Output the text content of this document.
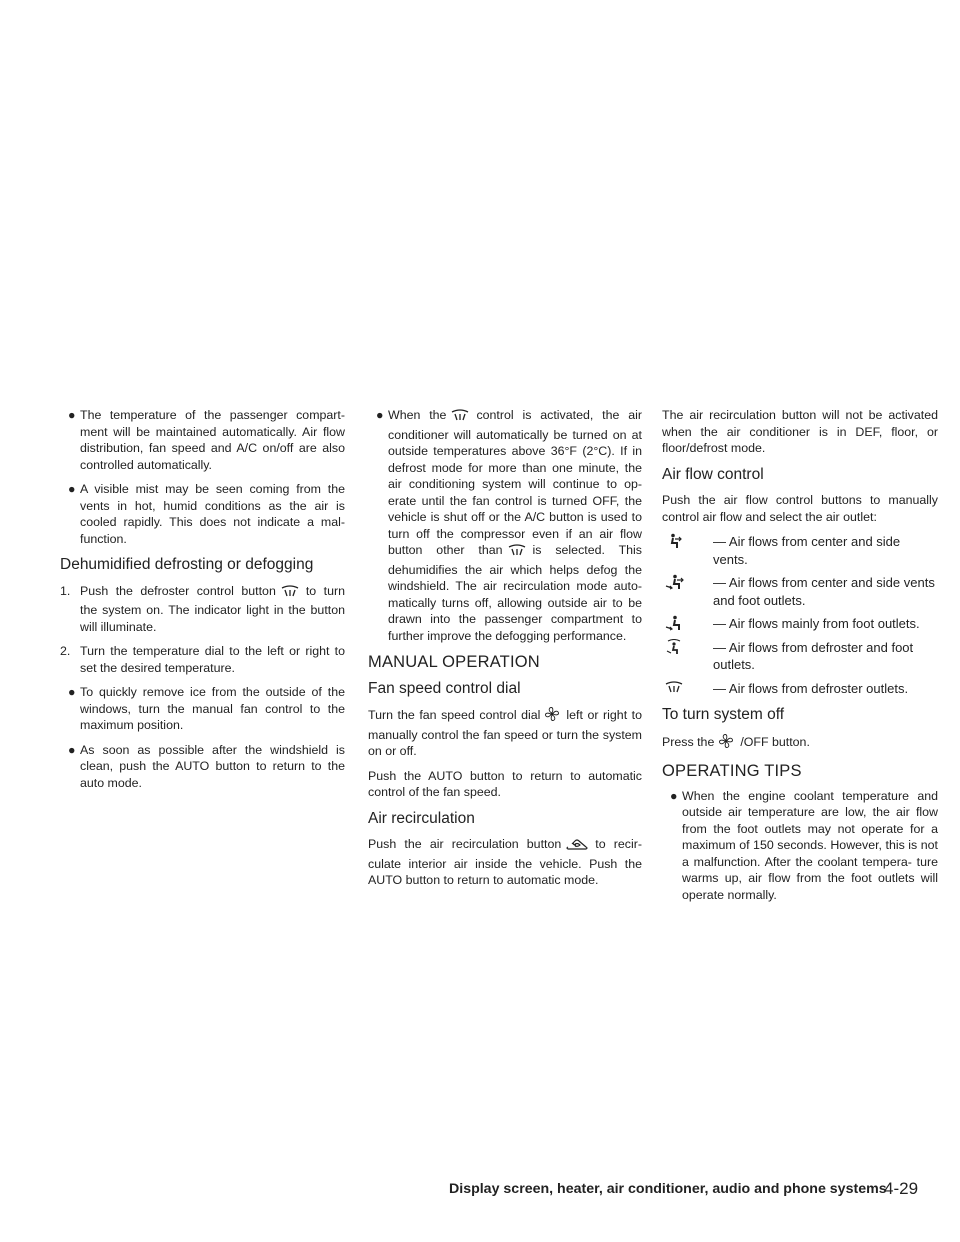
● The temperature of the passenger compart- ment will be maintained automatically. Air flow distribution, fan speed and A/C on/off are also controlled automatically.
● A visible mist may be seen coming from the vents in hot, humid conditions as the air is cooled rapidly. This does not indicate a mal- function.
Dehumidified defrosting or defogging
1. Push the defroster control button to turn the system on. The indicator light in the button will illuminate.
2. Turn the temperature dial to the left or right to set the desired temperature.
● To quickly remove ice from the outside of the windows, turn the manual fan control to the maximum position.
● As soon as possible after the windshield is clean, push the AUTO button to return to the auto mode.
● When the control is activated, the air conditioner will automatically be turned on at outside temperatures above 36°F (2°C). If in defrost mode for more than one minute, the air conditioning system will continue to op- erate until the fan control is turned OFF, the vehicle is shut off or the A/C button is used to turn off the compressor even if an air flow button other than is selected. This dehumidifies the air which helps defog the windshield. The air recirculation mode auto- matically turns off, allowing outside air to be drawn into the passenger compartment to further improve the defogging performance.
MANUAL OPERATION
Fan speed control dial

Turn the fan speed control dial left or right to manually control the fan speed or turn the system on or off.

Push the AUTO button to return to automatic control of the fan speed.

Air recirculation

Push the air recirculation button	to recir- culate interior air inside the vehicle. Push the AUTO button to return to automatic mode.

The air recirculation button will not be activated when the air conditioner is in DEF, floor, or floor/defrost mode.

Air flow control

Push the air flow control buttons to manually control air flow and select the air outlet:

— Air flows from center and side vents.
— Air flows from center and side vents and foot outlets.
— Air flows mainly from foot outlets.
— Air flows from defroster and foot outlets.
— Air flows from defroster outlets.
To turn system off

Press the /OFF button.

OPERATING TIPS
● When the engine coolant temperature and outside air temperature are low, the air flow from the foot outlets may not operate for a maximum of 150 seconds. However, this is not a malfunction. After the coolant tempera- ture warms up, air flow from the foot outlets will operate normally.
Display screen, heater, air conditioner, audio and phone systems
4-29
